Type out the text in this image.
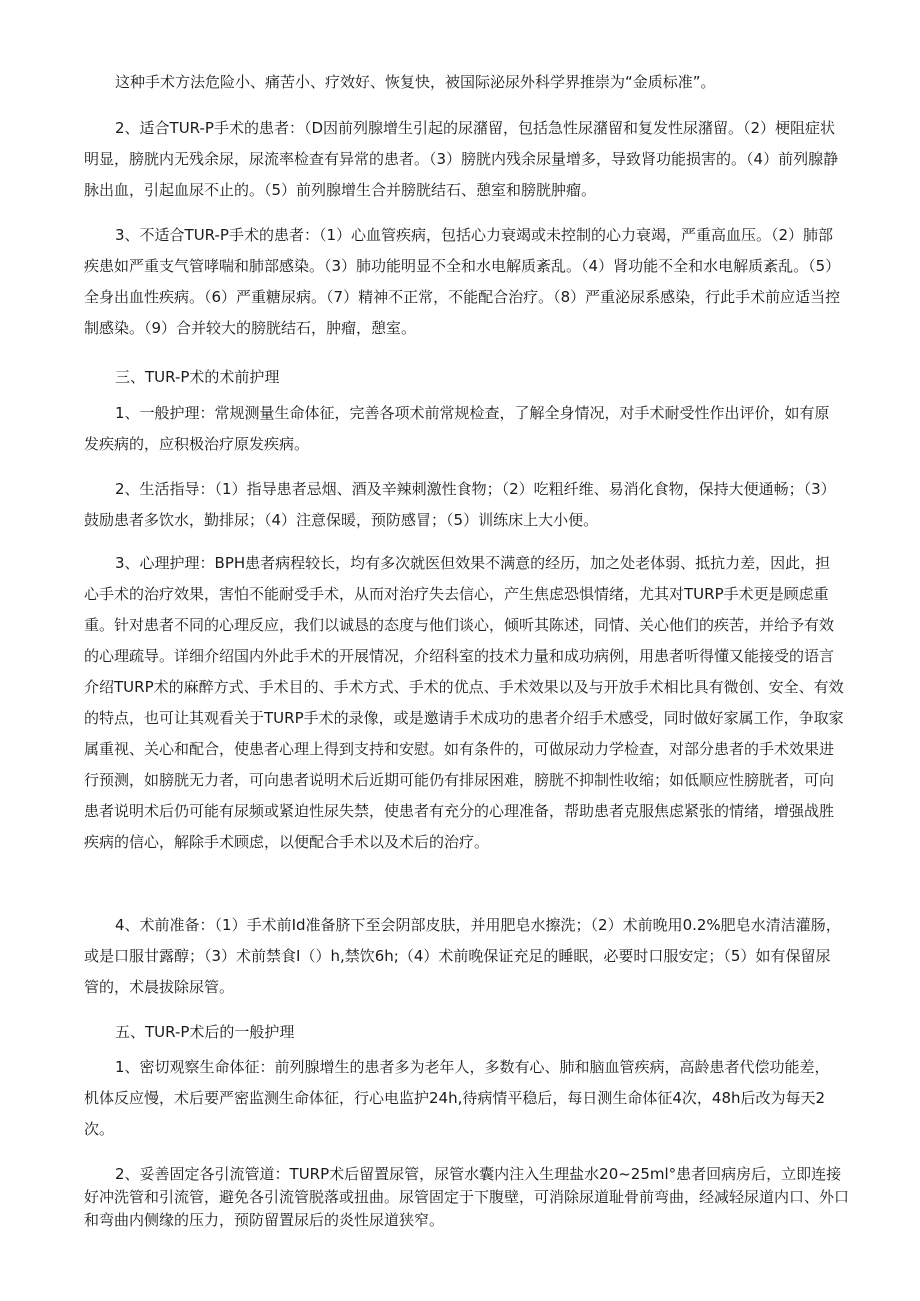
这种手术方法危险小、痛苦小、疗效好、恢复快，被国际泌尿外科学界推崇为“金质标准”。

2、适合TUR-P手术的患者：（D因前列腺增生引起的尿潴留，包括急性尿潴留和复发性尿潴留。（2）梗阻症状明显，膀胱内无残余尿，尿流率检查有异常的患者。（3）膀胱内残余尿量增多，导致肾功能损害的。（4）前列腺静脉出血，引起血尿不止的。（5）前列腺增生合并膀胱结石、憩室和膀胱肿瘤。

3、不适合TUR-P手术的患者：（1）心血管疾病，包括心力衰竭或未控制的心力衰竭，严重高血压。（2）肺部疾患如严重支气管哮喘和肺部感染。（3）肺功能明显不全和水电解质紊乱。（4）肾功能不全和水电解质紊乱。（5）全身出血性疾病。（6）严重糖尿病。（7）精神不正常，不能配合治疗。（8）严重泌尿系感染，行此手术前应适当控制感染。（9）合并较大的膀胱结石，肿瘤，憩室。

三、TUR-P术的术前护理

1、一般护理：常规测量生命体征，完善各项术前常规检查，了解全身情况，对手术耐受性作出评价，如有原发疾病的，应积极治疗原发疾病。

2、生活指导：（1）指导患者忌烟、酒及辛辣刺激性食物；（2）吃粗纤维、易消化食物，保持大便通畅；（3）鼓励患者多饮水，勤排尿；（4）注意保暖，预防感冒；（5）训练床上大小便。

3、心理护理：BPH患者病程较长，均有多次就医但效果不满意的经历，加之处老体弱、抵抗力差，因此，担心手术的治疗效果，害怕不能耐受手术，从而对治疗失去信心，产生焦虑恐惧情绪，尤其对TURP手术更是顾虑重重。针对患者不同的心理反应，我们以诚恳的态度与他们谈心，倾听其陈述，同情、关心他们的疾苦，并给予有效的心理疏导。详细介绍国内外此手术的开展情况，介绍科室的技术力量和成功病例，用患者听得懂又能接受的语言介绍TURP术的麻醉方式、手术目的、手术方式、手术的优点、手术效果以及与开放手术相比具有微创、安全、有效的特点，也可让其观看关于TURP手术的录像，或是邀请手术成功的患者介绍手术感受，同时做好家属工作，争取家属重视、关心和配合，使患者心理上得到支持和安慰。如有条件的，可做尿动力学检查，对部分患者的手术效果进行预测，如膀胱无力者，可向患者说明术后近期可能仍有排尿困难，膀胱不抑制性收缩；如低顺应性膀胱者，可向患者说明术后仍可能有尿频或紧迫性尿失禁，使患者有充分的心理准备，帮助患者克服焦虑紧张的情绪，增强战胜疾病的信心，解除手术顾虑，以便配合手术以及术后的治疗。

4、术前准备：（1）手术前Id准备脐下至会阴部皮肤，并用肥皂水擦洗；（2）术前晚用0.2%肥皂水清洁灌肠，或是口服甘露醇；（3）术前禁食I（）h,禁饮6h;（4）术前晚保证充足的睡眠，必要时口服安定；（5）如有保留尿管的，术晨拔除尿管。

五、TUR-P术后的一般护理

1、密切观察生命体征：前列腺增生的患者多为老年人，多数有心、肺和脑血管疾病，高龄患者代偿功能差，机体反应慢，术后要严密监测生命体征，行心电监护24h,待病情平稳后，每日测生命体征4次，48h后改为每天2次。

2、妥善固定各引流管道：TURP术后留置尿管，尿管水囊内注入生理盐水20~25ml°患者回病房后，立即连接好冲洗管和引流管，避免各引流管脱落或扭曲。尿管固定于下腹壁，可消除尿道耻骨前弯曲，经减轻尿道内口、外口和弯曲内侧缘的压力，预防留置尿后的炎性尿道狭窄。
